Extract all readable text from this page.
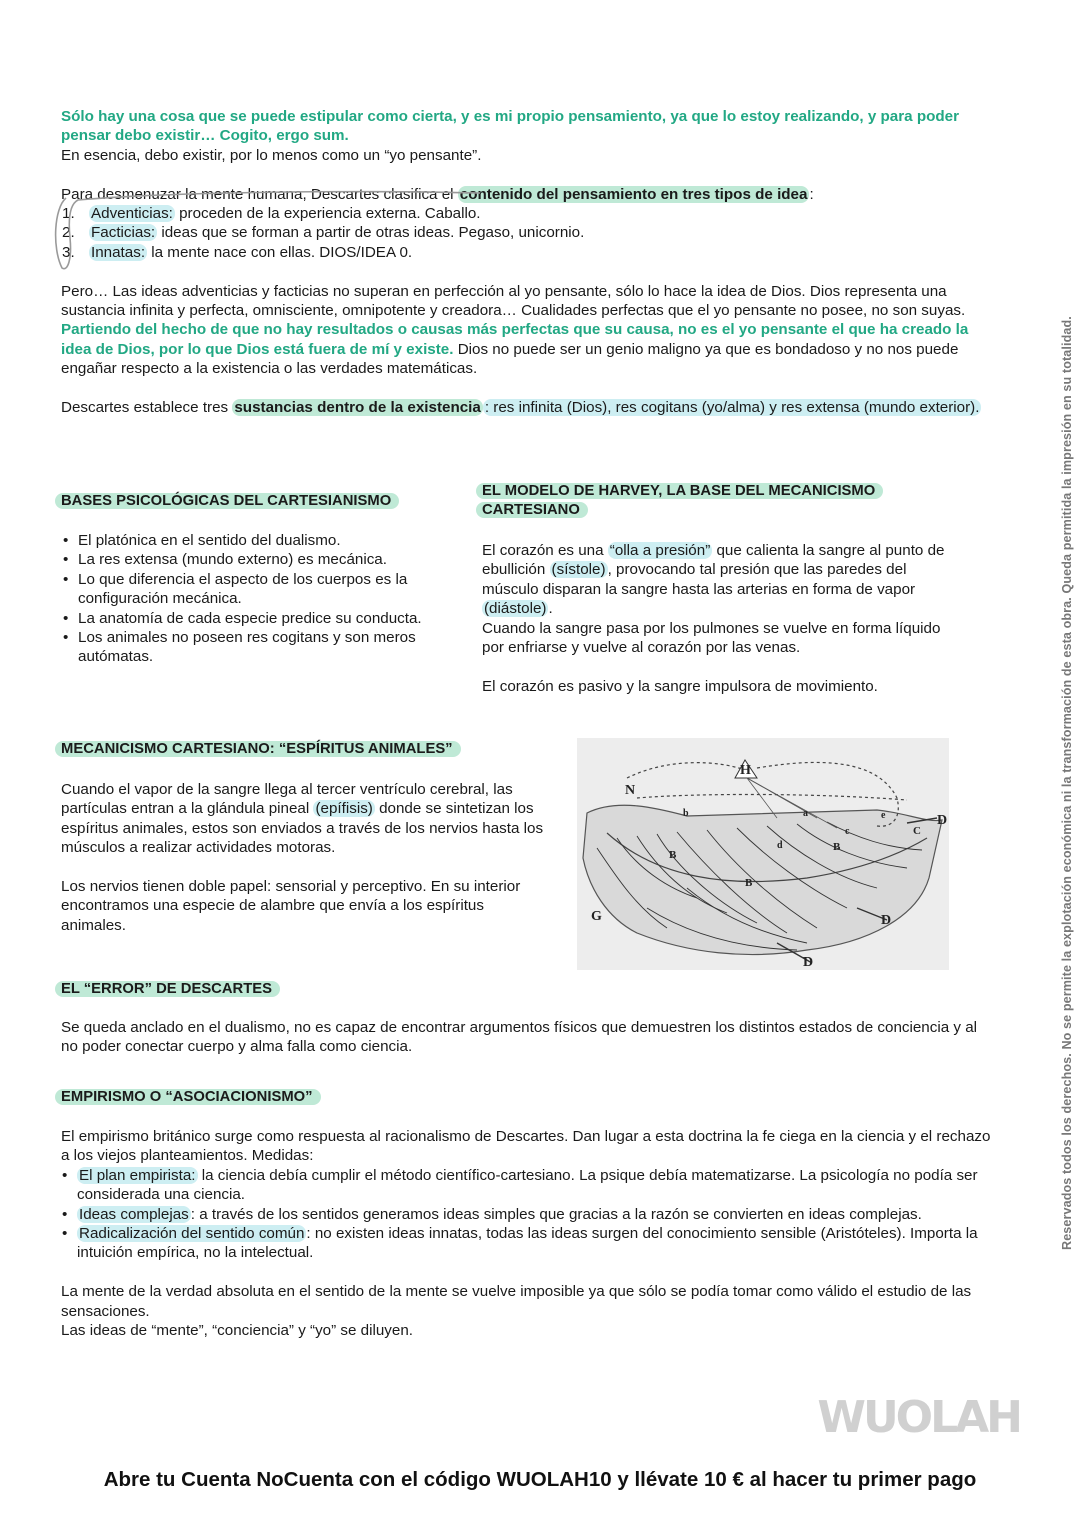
Sólo hay una cosa que se puede estipular como cierta, y es mi propio pensamiento, ya que lo estoy realizando, y para poder pensar debo existir… Cogito, ergo sum.

En esencia, debo existir, por lo menos como un “yo pensante”.

Para desmenuzar la mente humana, Descartes clasifica el contenido del pensamiento en tres tipos de idea :

1. Adventicias: proceden de la experiencia externa. Caballo.
2. Facticias: ideas que se forman a partir de otras ideas. Pegaso, unicornio.
3. Innatas: la mente nace con ellas. DIOS/IDEA 0.

Pero… Las ideas adventicias y facticias no superan en perfección al yo pensante, sólo lo hace la idea de Dios. Dios representa una sustancia infinita y perfecta, omnisciente, omnipotente y creadora… Cualidades perfectas que el yo pensante no posee, no son suyas.

Partiendo del hecho de que no hay resultados o causas más perfectas que su causa, no es el yo pensante el que ha creado la idea de Dios, por lo que Dios está fuera de mí y existe. Dios no puede ser un genio maligno ya que es bondadoso y no nos puede engañar respecto a la existencia o las verdades matemáticas.

Descartes establece tres sustancias dentro de la existencia : res infinita (Dios), res cogitans (yo/alma) y res extensa (mundo exterior).

BASES PSICOLÓGICAS DEL CARTESIANISMO
• El platónica en el sentido del dualismo.
• La res extensa (mundo externo) es mecánica.
• Lo que diferencia el aspecto de los cuerpos es la configuración mecánica.
• La anatomía de cada especie predice su conducta.
• Los animales no poseen res cogitans y son meros autómatas.
EL MODELO DE HARVEY, LA BASE DEL MECANICISMO CARTESIANO

El corazón es una “olla a presión” que calienta la sangre al punto de ebullición (sístole) , provocando tal presión que las paredes del músculo disparan la sangre hasta las arterias en forma de vapor (diástole) .

Cuando la sangre pasa por los pulmones se vuelve en forma líquido por enfriarse y vuelve al corazón por las venas.

El corazón es pasivo y la sangre impulsora de movimiento.

MECANICISMO CARTESIANO: “ESPÍRITUS ANIMALES”

Cuando el vapor de la sangre llega al tercer ventrículo cerebral, las partículas entran a la glándula pineal (epífisis) donde se sintetizan los espíritus animales, estos son enviados a través de los nervios hasta los músculos a realizar actividades motoras.

Los nervios tienen doble papel: sensorial y perceptivo. En su interior encontramos una especie de alambre que envía a los espíritus animales.

H
N
a
b
c
d
e
B
B
B
C
D
D
D
G
EL “ERROR” DE DESCARTES

Se queda anclado en el dualismo, no es capaz de encontrar argumentos físicos que demuestren los distintos estados de conciencia y al no poder conectar cuerpo y alma falla como ciencia.

EMPIRISMO O “ASOCIACIONISMO”

El empirismo británico surge como respuesta al racionalismo de Descartes. Dan lugar a esta doctrina la fe ciega en la ciencia y el rechazo a los viejos planteamientos. Medidas:

• El plan empirista: la ciencia debía cumplir el método científico-cartesiano. La psique debía matematizarse. La psicología no podía ser considerada una ciencia.
• Ideas complejas : a través de los sentidos generamos ideas simples que gracias a la razón se convierten en ideas complejas.
• Radicalización del sentido común : no existen ideas innatas, todas las ideas surgen del conocimiento sensible (Aristóteles). Importa la intuición empírica, no la intelectual.

La mente de la verdad absoluta en el sentido de la mente se vuelve imposible ya que sólo se podía tomar como válido el estudio de las sensaciones.

Las ideas de “mente”, “conciencia” y “yo” se diluyen.

Reservados todos los derechos. No se permite la explotación económica ni la transformación de esta obra. Queda permitida la impresión en su totalidad.
WUOLAH
Abre tu Cuenta NoCuenta con el código WUOLAH10 y llévate 10 € al hacer tu primer pago
